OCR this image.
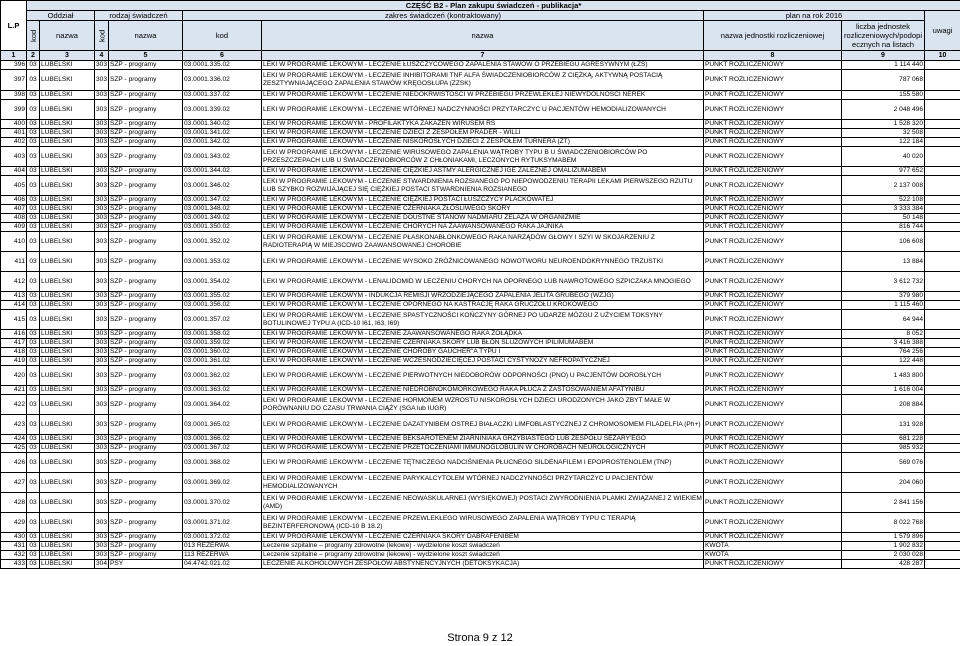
L.P	CZĘŚĆ B2 - Plan zakupu świadczeń - publikacja*								
	Oddział		rodzaj świadczeń		zakres świadczeń (kontraktowany)		plan na rok 2016		uwagi
	kod	nazwa	kod	nazwa	kod	nazwa	nazwa jednostki rozliczeniowej	liczba jednostek rozliczeniowych/podopi ecznych na listach	
1	2	3	4	5	6	7	8	9	10
396	03	LUBELSKI	303	SZP - programy	03.0001.335.02	LEKI W PROGRAMIE LEKOWYM - LECZENIE ŁUSZCZYCOWEGO ZAPALENIA STAWÓW O PRZEBIEGU AGRESYWNYM (ŁZS)	PUNKT ROZLICZENIOWY	1 114 440	
397	03	LUBELSKI	303	SZP - programy	03.0001.336.02	LEKI W PROGRAMIE LEKOWYM - LECZENIE INHIBITORAMI TNF ALFA ŚWIADCZENIOBIORCÓW Z CIĘŻKĄ, AKTYWNĄ POSTACIĄ ZESZTYWNIAJĄCEGO ZAPALENIA STAWÓW KRĘGOSŁUPA (ZZSK)	PUNKT ROZLICZENIOWY	787 068	
398	03	LUBELSKI	303	SZP - programy	03.0001.337.02	LEKI W PROGRAMIE LEKOWYM - LECZENIE NIEDOKRWISTOŚCI W PRZEBIEGU PRZEWLEKŁEJ NIEWYDOLNOŚCI NEREK	PUNKT ROZLICZENIOWY	155 580	
399	03	LUBELSKI	303	SZP - programy	03.0001.339.02	LEKI W PROGRAMIE LEKOWYM - LECZENIE WTÓRNEJ NADCZYNNOŚCI PRZYTARCZYC U PACJENTÓW HEMODIALIZOWANYCH	PUNKT ROZLICZENIOWY	2 048 496	
400	03	LUBELSKI	303	SZP - programy	03.0001.340.02	LEKI W PROGRAMIE LEKOWYM - PROFILAKTYKA ZAKAŻEŃ WIRUSEM RS	PUNKT ROZLICZENIOWY	1 528 320	
401	03	LUBELSKI	303	SZP - programy	03.0001.341.02	LEKI W PROGRAMIE LEKOWYM - LECZENIE DZIECI Z ZESPOŁEM PRADER - WILLI	PUNKT ROZLICZENIOWY	32 508	
402	03	LUBELSKI	303	SZP - programy	03.0001.342.02	LEKI W PROGRAMIE LEKOWYM - LECZENIE NISKOROSŁYCH DZIECI Z ZESPOŁEM TURNERA (ZT)	PUNKT ROZLICZENIOWY	122 184	
403	03	LUBELSKI	303	SZP - programy	03.0001.343.02	LEKI W PROGRAMIE LEKOWYM - LECZENIE WIRUSOWEGO ZAPALENIA WĄTROBY TYPU B U ŚWIADCZENIOBIORCÓW PO PRZESZCZEPACH LUB U ŚWIADCZENIOBIORCÓW Z CHŁONIAKAMI, LECZONYCH RYTUKSYMABEM	PUNKT ROZLICZENIOWY	40 020	
404	03	LUBELSKI	303	SZP - programy	03.0001.344.02	LEKI W PROGRAMIE LEKOWYM - LECZENIE CIĘŻKIEJ ASTMY ALERGICZNEJ IGE ZALEŻNEJ OMALIZUMABEM	PUNKT ROZLICZENIOWY	977 652	
405	03	LUBELSKI	303	SZP - programy	03.0001.346.02	LEKI W PROGRAMIE LEKOWYM - LECZENIE STWARDNIENIA ROZSIANEGO PO NIEPOWODZENIU TERAPII LEKAMI PIERWSZEGO RZUTU LUB SZYBKO ROZWIJAJĄCEJ SIĘ CIĘŻKIEJ POSTACI STWARDNIENIA ROZSIANEGO	PUNKT ROZLICZENIOWY	2 137 008	
406	03	LUBELSKI	303	SZP - programy	03.0001.347.02	LEKI W PROGRAMIE LEKOWYM - LECZENIE CIĘŻKIEJ POSTACI ŁUSZCZYCY PLACKOWATEJ	PUNKT ROZLICZENIOWY	522 108	
407	03	LUBELSKI	303	SZP - programy	03.0001.348.02	LEKI W PROGRAMIE LEKOWYM - LECZENIE CZERNIAKA ZŁOŚLIWEGO SKÓRY	PUNKT ROZLICZENIOWY	3 333 384	
408	03	LUBELSKI	303	SZP - programy	03.0001.349.02	LEKI W PROGRAMIE LEKOWYM - LECZENIE DOUSTNE STANÓW NADMIARU ŻELAZA W ORGANIZMIE	PUNKT ROZLICZENIOWY	50 148	
409	03	LUBELSKI	303	SZP - programy	03.0001.350.02	LEKI W PROGRAMIE LEKOWYM - LECZENIE CHORYCH NA ZAAWANSOWANEGO RAKA JAJNIKA	PUNKT ROZLICZENIOWY	816 744	
410	03	LUBELSKI	303	SZP - programy	03.0001.352.02	LEKI W PROGRAMIE LEKOWYM - LECZENIE PŁASKONABŁONKOWEGO RAKA NARZĄDÓW GŁOWY I SZYI W SKOJARZENIU Z RADIOTERAPIĄ W MIEJSCOWO ZAAWANSOWANEJ CHOROBIE	PUNKT ROZLICZENIOWY	106 608	
411	03	LUBELSKI	303	SZP - programy	03.0001.353.02	LEKI W PROGRAMIE LEKOWYM - LECZENIE WYSOKO ZRÓŻNICOWANEGO NOWOTWORU NEUROENDOKRYNNEGO TRZUSTKI	PUNKT ROZLICZENIOWY	13 884	
412	03	LUBELSKI	303	SZP - programy	03.0001.354.02	LEKI W PROGRAMIE LEKOWYM - LENALIDOMID W LECZENIU CHORYCH NA OPORNEGO LUB NAWROTOWEGO SZPICZAKA MNOGIEGO	PUNKT ROZLICZENIOWY	3 612 732	
413	03	LUBELSKI	303	SZP - programy	03.0001.355.02	LEKI W PROGRAMIE LEKOWYM - INDUKCJA REMISJI WRZODZIEJĄCEGO ZAPALENIA JELITA GRUBEGO (WZJG)	PUNKT ROZLICZENIOWY	379 980	
414	03	LUBELSKI	303	SZP - programy	03.0001.356.02	LEKI W PROGRAMIE LEKOWYM - LECZENIE OPORNEGO NA KASTRACJĘ RAKA GRUCZOŁU KROKOWEGO	PUNKT ROZLICZENIOWY	1 115 460	
415	03	LUBELSKI	303	SZP - programy	03.0001.357.02	LEKI W PROGRAMIE LEKOWYM - LECZENIE SPASTYCZNOŚCI KOŃCZYNY GÓRNEJ PO UDARZE MÓZGU Z UŻYCIEM TOKSYNY BOTULINOWEJ TYPU A (ICD-10 I61, I63, I69)	PUNKT ROZLICZENIOWY	64 944	
416	03	LUBELSKI	303	SZP - programy	03.0001.358.02	LEKI W PROGRAMIE LEKOWYM - LECZENIE ZAAWANSOWANEGO RAKA ŻOŁĄDKA	PUNKT ROZLICZENIOWY	8 052	
417	03	LUBELSKI	303	SZP - programy	03.0001.359.02	LEKI W PROGRAMIE LEKOWYM - LECZENIE CZERNIAKA SKÓRY LUB BŁON ŚLUZOWYCH IPILIMUMABEM	PUNKT ROZLICZENIOWY	3 416 388	
418	03	LUBELSKI	303	SZP - programy	03.0001.360.02	LEKI W PROGRAMIE LEKOWYM - LECZENIE CHOROBY GAUCHER"A TYPU I	PUNKT ROZLICZENIOWY	764 256	
419	03	LUBELSKI	303	SZP - programy	03.0001.361.02	LEKI W PROGRAMIE LEKOWYM - LECZENIE WCZESNODZIECIĘCEJ POSTACI CYSTYNOZY NEFROPATYCZNEJ	PUNKT ROZLICZENIOWY	122 448	
420	03	LUBELSKI	303	SZP - programy	03.0001.362.02	LEKI W PROGRAMIE LEKOWYM - LECZENIE PIERWOTNYCH NIEDOBORÓW ODPORNOŚCI (PNO) U PACJENTÓW DOROSŁYCH	PUNKT ROZLICZENIOWY	1 483 800	
421	03	LUBELSKI	303	SZP - programy	03.0001.363.02	LEKI W PROGRAMIE LEKOWYM - LECZENIE NIEDROBNOKOMÓRKOWEGO RAKA PŁUCA Z ZASTOSOWANIEM AFATYNIBU	PUNKT ROZLICZENIOWY	1 616 004	
422	03	LUBELSKI	303	SZP - programy	03.0001.364.02	LEKI W PROGRAMIE LEKOWYM - LECZENIE HORMONEM WZROSTU NISKOROSŁYCH DZIECI URODZONYCH JAKO ZBYT MAŁE W PORÓWNANIU DO CZASU TRWANIA CIĄŻY (SGA lub IUGR)	PUNKT ROZLICZENIOWY	208 884	
423	03	LUBELSKI	303	SZP - programy	03.0001.365.02	LEKI W PROGRAMIE LEKOWYM - LECZENIE DAZATYNIBEM OSTREJ BIAŁACZKI LIMFOBLASTYCZNEJ Z CHROMOSOMEM FILADELFIA (Ph+)	PUNKT ROZLICZENIOWY	131 928	
424	03	LUBELSKI	303	SZP - programy	03.0001.366.02	LEKI W PROGRAMIE LEKOWYM - LECZENIE BEKSAROTENEM ZIARNINIAKA GRZYBIASTEGO LUB ZESPOŁU SÉZARY'EGO	PUNKT ROZLICZENIOWY	681 228	
425	03	LUBELSKI	303	SZP - programy	03.0001.367.02	LEKI W PROGRAMIE LEKOWYM - LECZENIE PRZETOCZENIAMI IMMUNOGLOBULIN W CHOROBACH NEUROLOGICZNYCH	PUNKT ROZLICZENIOWY	985 932	
426	03	LUBELSKI	303	SZP - programy	03.0001.368.02	LEKI W PROGRAMIE LEKOWYM - LECZENIE TĘTNICZEGO NADCIŚNIENIA PŁUCNEGO SILDENAFILEM I EPOPROSTENOLEM (TNP)	PUNKT ROZLICZENIOWY	569 076	
427	03	LUBELSKI	303	SZP - programy	03.0001.369.02	LEKI W PROGRAMIE LEKOWYM - LECZENIE PARYKALCYTOLEM WTÓRNEJ NADCZYNNOŚCI PRZYTARCZYC U PACJENTÓW HEMODIALIZOWANYCH	PUNKT ROZLICZENIOWY	204 060	
428	03	LUBELSKI	303	SZP - programy	03.0001.370.02	LEKI W PROGRAMIE LEKOWYM - LECZENIE NEOWASKULARNEJ (WYSIĘKOWEJ) POSTACI ZWYRODNIENIA PLAMKI ZWIĄZANEJ Z WIEKIEM (AMD)	PUNKT ROZLICZENIOWY	2 841 156	
429	03	LUBELSKI	303	SZP - programy	03.0001.371.02	LEKI W PROGRAMIE LEKOWYM - LECZENIE PRZEWLEKŁEGO WIRUSOWEGO ZAPALENIA WĄTROBY TYPU C TERAPIĄ BEZINTERFERONOWĄ (ICD-10 B 18.2)	PUNKT ROZLICZENIOWY	8 022 768	
430	03	LUBELSKI	303	SZP - programy	03.0001.372.02	LEKI W PROGRAMIE LEKOWYM - LECZENIE CZERNIAKA SKÓRY DABRAFENIBEM	PUNKT ROZLICZENIOWY	1 579 896	
431	03	LUBELSKI	303	SZP - programy	013 REZERWA	Leczenie szpitalne – programy zdrowotne (lekowe) - wydzielone koszt świadczeń	KWOTA	1 902 832	
432	03	LUBELSKI	303	SZP - programy	113 REZERWA	Leczenie szpitalne – programy zdrowotne (lekowe) - wydzielone koszt świadczeń	KWOTA	2 030 028	
433	03	LUBELSKI	304	PSY	04.4742.021.02	LECZENIE ALKOHOLOWYCH ZESPOŁÓW ABSTYNENCYJNYCH (DETOKSYKACJA)	PUNKT ROZLICZENIOWY	428 287	
Strona 9 z 12
